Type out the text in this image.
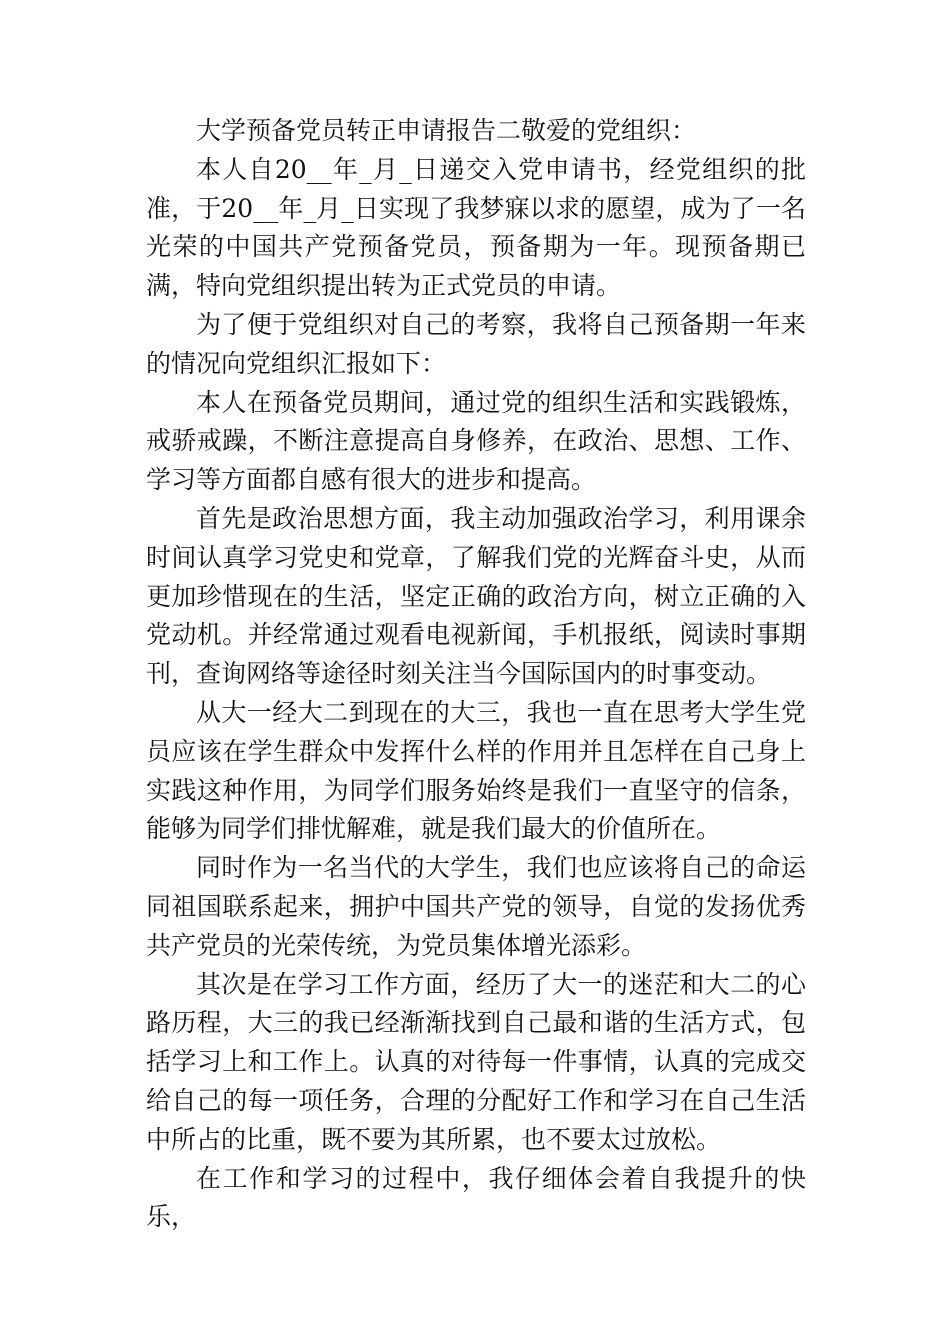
大学预备党员转正申请报告二敬爱的党组织：

本人自20__年_月_日递交入党申请书，经党组织的批准，于20__年_月_日实现了我梦寐以求的愿望，成为了一名光荣的中国共产党预备党员，预备期为一年。现预备期已满，特向党组织提出转为正式党员的申请。

为了便于党组织对自己的考察，我将自己预备期一年来的情况向党组织汇报如下：

本人在预备党员期间，通过党的组织生活和实践锻炼，戒骄戒躁，不断注意提高自身修养，在政治、思想、工作、学习等方面都自感有很大的进步和提高。

首先是政治思想方面，我主动加强政治学习，利用课余时间认真学习党史和党章，了解我们党的光辉奋斗史，从而更加珍惜现在的生活，坚定正确的政治方向，树立正确的入党动机。并经常通过观看电视新闻，手机报纸，阅读时事期刊，查询网络等途径时刻关注当今国际国内的时事变动。

从大一经大二到现在的大三，我也一直在思考大学生党员应该在学生群众中发挥什么样的作用并且怎样在自己身上实践这种作用，为同学们服务始终是我们一直坚守的信条，能够为同学们排忧解难，就是我们最大的价值所在。

同时作为一名当代的大学生，我们也应该将自己的命运同祖国联系起来，拥护中国共产党的领导，自觉的发扬优秀共产党员的光荣传统，为党员集体增光添彩。

其次是在学习工作方面，经历了大一的迷茫和大二的心路历程，大三的我已经渐渐找到自己最和谐的生活方式，包括学习上和工作上。认真的对待每一件事情，认真的完成交给自己的每一项任务，合理的分配好工作和学习在自己生活中所占的比重，既不要为其所累，也不要太过放松。

在工作和学习的过程中，我仔细体会着自我提升的快乐，
